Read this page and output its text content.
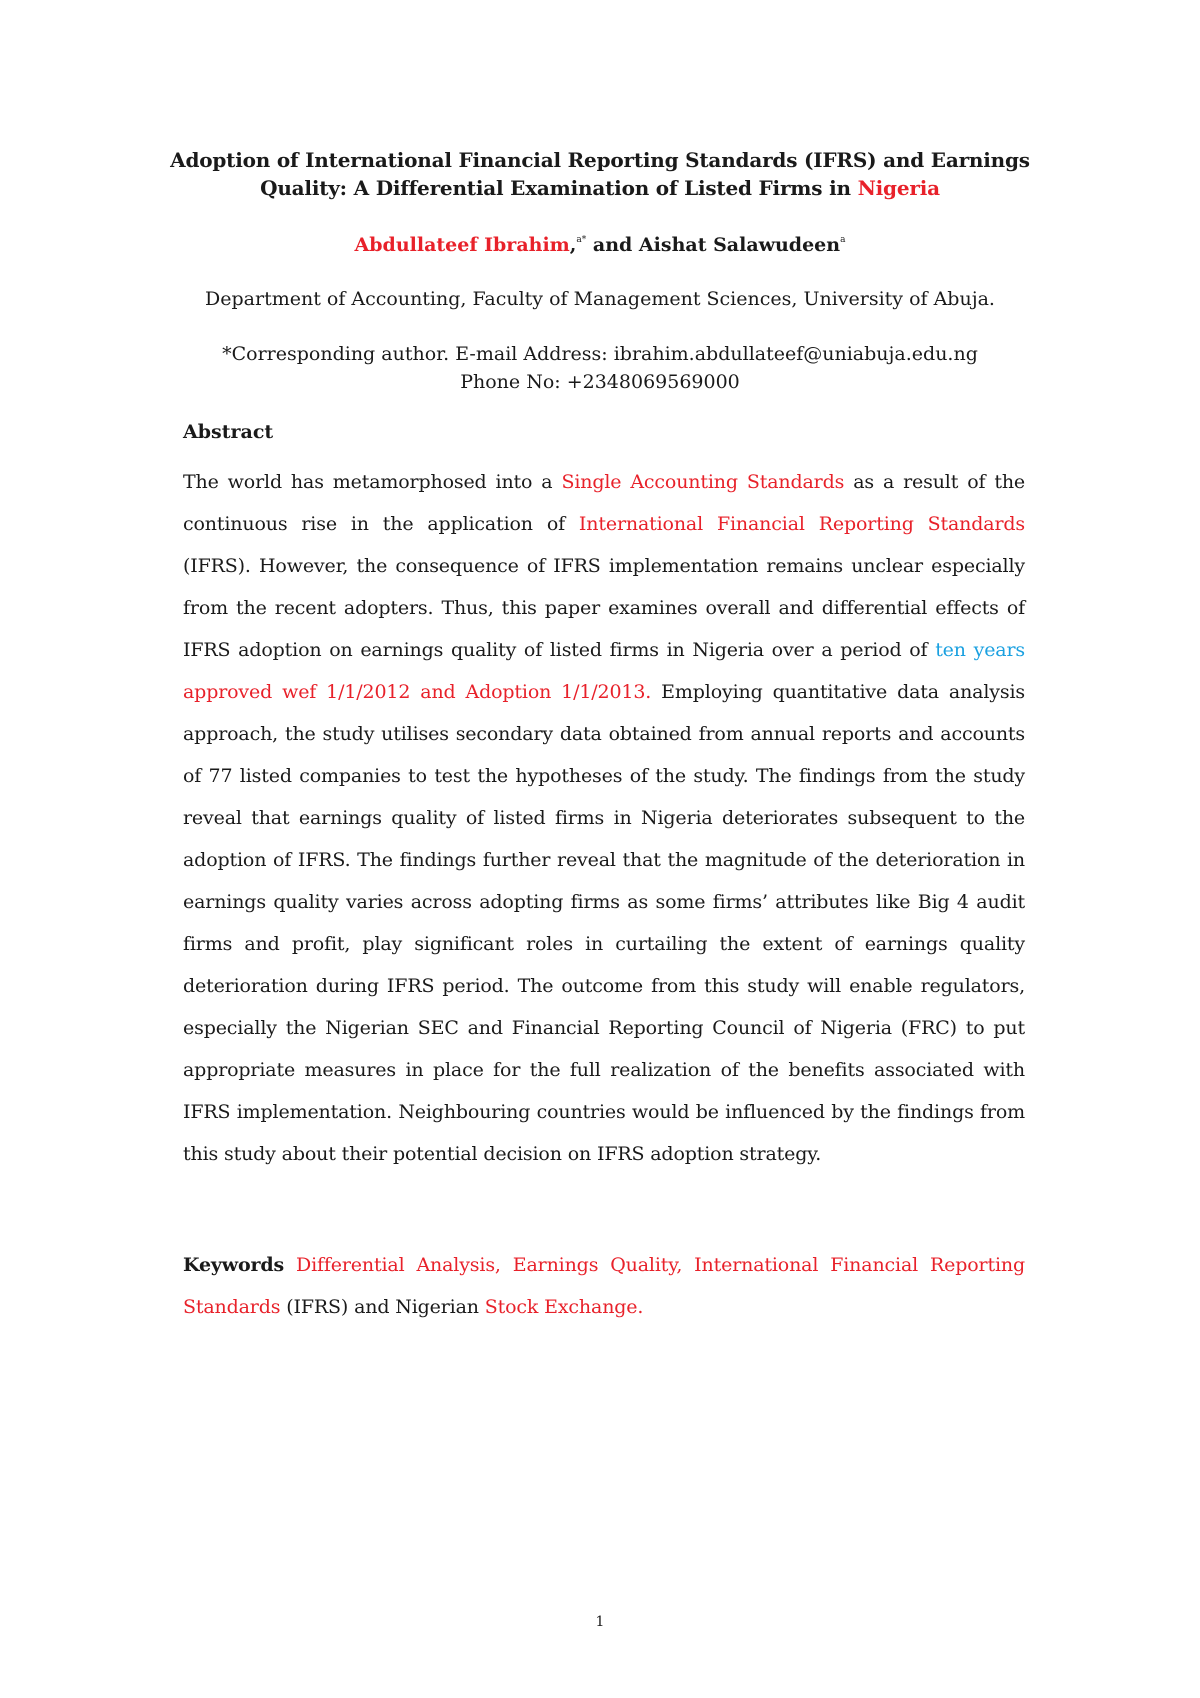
Adoption of International Financial Reporting Standards (IFRS) and Earnings Quality: A Differential Examination of Listed Firms in Nigeria
Abdullateef Ibrahim,$^{a*}$ and Aishat Salawudeen$^a$
Department of Accounting, Faculty of Management Sciences, University of Abuja.
*Corresponding author. E-mail Address: ibrahim.abdullateef@uniabuja.edu.ng
Phone No: +2348069569000
Abstract
The world has metamorphosed into a Single Accounting Standards as a result of the continuous rise in the application of International Financial Reporting Standards (IFRS). However, the consequence of IFRS implementation remains unclear especially from the recent adopters. Thus, this paper examines overall and differential effects of IFRS adoption on earnings quality of listed firms in Nigeria over a period of ten years approved wef 1/1/2012 and Adoption 1/1/2013. Employing quantitative data analysis approach, the study utilises secondary data obtained from annual reports and accounts of 77 listed companies to test the hypotheses of the study. The findings from the study reveal that earnings quality of listed firms in Nigeria deteriorates subsequent to the adoption of IFRS. The findings further reveal that the magnitude of the deterioration in earnings quality varies across adopting firms as some firms’ attributes like Big 4 audit firms and profit, play significant roles in curtailing the extent of earnings quality deterioration during IFRS period. The outcome from this study will enable regulators, especially the Nigerian SEC and Financial Reporting Council of Nigeria (FRC) to put appropriate measures in place for the full realization of the benefits associated with IFRS implementation. Neighbouring countries would be influenced by the findings from this study about their potential decision on IFRS adoption strategy.
Keywords Differential Analysis, Earnings Quality, International Financial Reporting Standards (IFRS) and Nigerian Stock Exchange.
1
